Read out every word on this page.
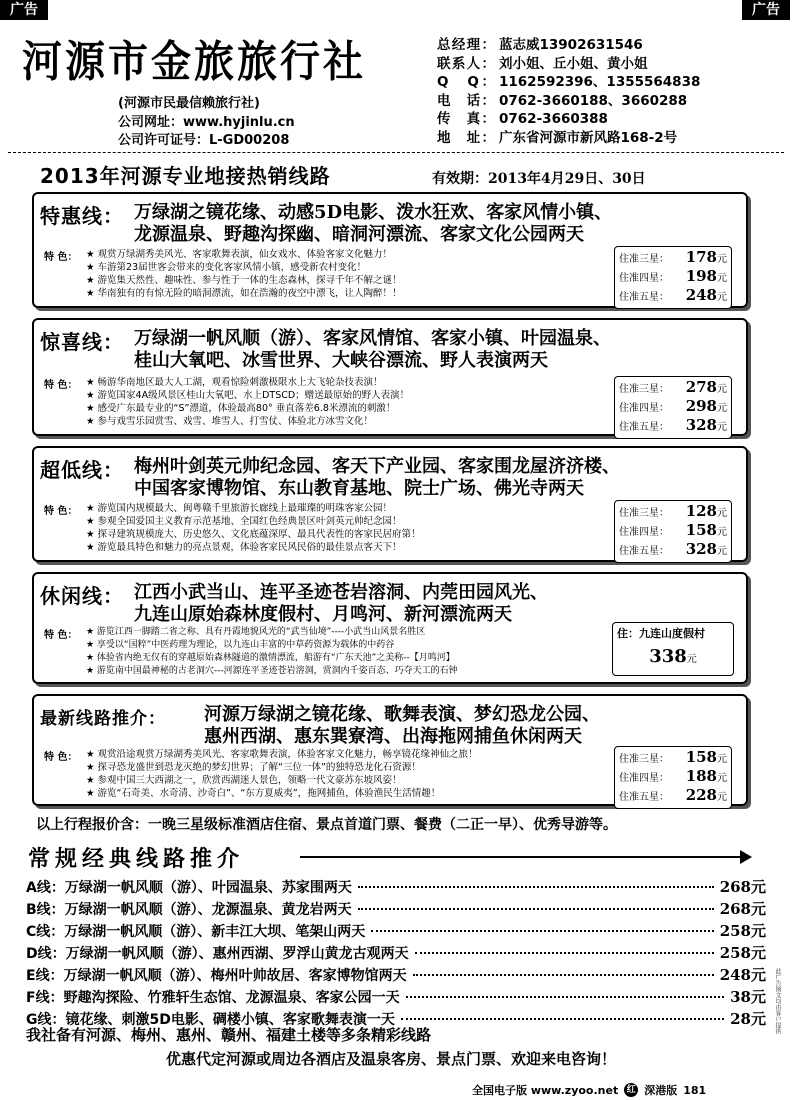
广告	广告
河源市金旅旅行社
(河源市民最信赖旅行社)
公司网址：www.hyjinlu.cn
公司许可证号：L-GD00208
总经理： 蓝志威13902631546
联系人： 刘小姐、丘小姐、黄小姐
Q　Q： 1162592396、1355564838
电　话： 0762-3660188、3660288
传　真： 0762-3660388
地　址： 广东省河源市新风路168-2号
2013年河源专业地接热销线路	有效期：2013年4月29日、30日
特惠线： 万绿湖之镜花缘、动感5D电影、泼水狂欢、客家风情小镇、
龙源温泉、野趣沟探幽、暗洞河漂流、客家文化公园两天
特 色： ★ 观赏万绿湖秀美风光、客家歌舞表演，仙女戏水、体验客家文化魅力！
★ 车游第23届世客会带来的变化客家风情小镇，感受新农村变化！
★ 游览集天然性、趣味性、参与性于一体的生态森林，探寻千年不解之谜！
★ 华南独有的有惊无险的暗洞漂流，如在浩瀚的夜空中漂飞，让人陶醉！！
住准三星： 178元
住准四星： 198元
住准五星： 248元
惊喜线： 万绿湖一帆风顺（游）、客家风情馆、客家小镇、叶园温泉、
桂山大氧吧、冰雪世界、大峡谷漂流、野人表演两天
特 色： ★ 畅游华南地区最大人工湖，观看惊险刺激极限水上大飞轮杂技表演！
★ 游览国家4A级风景区桂山大氧吧、水上DTSCD；赠送最原始的野人表演！
★ 感受广东最专业的“S”漂道，体验最高80° 垂直落差6.8米漂流的刺激！
★ 参与戏雪乐园赏雪、戏雪、堆雪人、打雪仗、体验北方冰雪文化！
住准三星： 278元
住准四星： 298元
住准五星： 328元
超低线： 梅州叶剑英元帅纪念园、客天下产业园、客家围龙屋济济楼、
中国客家博物馆、东山教育基地、院士广场、佛光寺两天
特 色： ★ 游览国内规模最大、闽粤赣千里旅游长廊线上最璀璨的明珠客家公园！
★ 参观全国爱国主义教育示范基地、全国红色经典景区叶剑英元帅纪念园！
★ 探寻建筑规模庞大、历史悠久、文化底蕴深厚、最具代表性的客家民居府第！
★ 游览最具特色和魅力的亮点景观，体验客家民风民俗的最佳景点客天下！
住准三星： 128元
住准四星： 158元
住准五星： 328元
休闲线： 江西小武当山、连平圣迹苍岩溶洞、内莞田园风光、
九连山原始森林度假村、月鸣河、新河漂流两天
特 色： ★ 游览江西一脚踏二省之称、具有丹霞地貌风光的“武当仙境”----小武当山风景名胜区
★ 享受以“国粹”中医药理为理论，以九连山丰富的中草药资源为载体的中药谷
★ 体验省内绝无仅有的穿越原始森林隧道的激情漂流，船游有“广东天池”之美称--【月鸣河】
★ 游览南中国最神秘的古老洞穴---河源连平圣迹苍岩溶洞，赏洞内千姿百态、巧夺天工的石钟
住：九连山度假村
338元
最新线路推介： 河源万绿湖之镜花缘、歌舞表演、梦幻恐龙公园、
惠州西湖、惠东巽寮湾、出海拖网捕鱼休闲两天
特 色： ★ 观赏沿途观赏万绿湖秀美风光、客家歌舞表演，体验客家文化魅力，畅享镜花缘神仙之旅！
★ 探寻恐龙盛世到恐龙灭绝的梦幻世界；了解“三位一体”的独特恐龙化石资源！
★ 参观中国三大西湖之一，欣赏西湖迷人景色，领略一代文豪苏东坡风姿！
★ 游览“石奇美、水奇清、沙奇白”、“东方夏威夷”，拖网捕鱼，体验渔民生活情趣！
住准三星： 158元
住准四星： 188元
住准五星： 228元
以上行程报价含：一晚三星级标准酒店住宿、景点首道门票、餐费（二正一早）、优秀导游等。
常规经典线路推介
A线： 万绿湖一帆风顺（游）、叶园温泉、苏家围两天	268元
B线： 万绿湖一帆风顺（游）、龙源温泉、黄龙岩两天	268元
C线： 万绿湖一帆风顺（游）、新丰江大坝、笔架山两天	258元
D线： 万绿湖一帆风顺（游）、惠州西湖、罗浮山黄龙古观两天	258元
E线： 万绿湖一帆风顺（游）、梅州叶帅故居、客家博物馆两天	248元
F线： 野趣沟探险、竹雅轩生态馆、龙源温泉、客家公园一天	38元
G线： 镜花缘、刺激5D电影、碉楼小镇、客家歌舞表演一天	28元
我社备有河源、梅州、惠州、赣州、福建土楼等多条精彩线路
优惠代定河源或周边各酒店及温泉客房、景点门票、欢迎来电咨询！
全国电子版 www.zyoo.net 红 深港版 181
此广告图文均由客户提供
